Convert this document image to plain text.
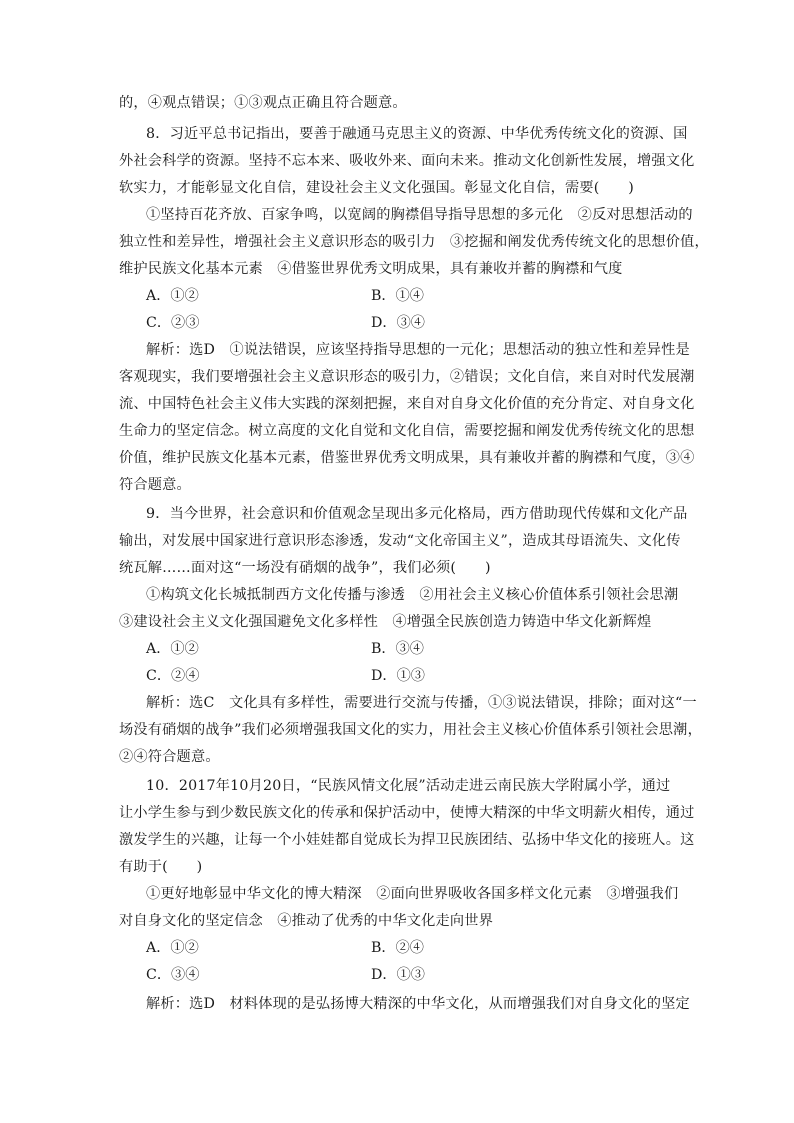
的，④观点错误；①③观点正确且符合题意。
8．习近平总书记指出，要善于融通马克思主义的资源、中华优秀传统文化的资源、国
外社会科学的资源。坚持不忘本来、吸收外来、面向未来。推动文化创新性发展，增强文化
软实力，才能彰显文化自信，建设社会主义文化强国。彰显文化自信，需要(　　)
①坚持百花齐放、百家争鸣，以宽阔的胸襟倡导指导思想的多元化　②反对思想活动的
独立性和差异性，增强社会主义意识形态的吸引力　③挖掘和阐发优秀传统文化的思想价值，
维护民族文化基本元素　④借鉴世界优秀文明成果，具有兼收并蓄的胸襟和气度
A．①②	B．①④
C．②③	D．③④
解析：选D　①说法错误，应该坚持指导思想的一元化；思想活动的独立性和差异性是
客观现实，我们要增强社会主义意识形态的吸引力，②错误；文化自信，来自对时代发展潮
流、中国特色社会主义伟大实践的深刻把握，来自对自身文化价值的充分肯定、对自身文化
生命力的坚定信念。树立高度的文化自觉和文化自信，需要挖掘和阐发优秀传统文化的思想
价值，维护民族文化基本元素，借鉴世界优秀文明成果，具有兼收并蓄的胸襟和气度，③④
符合题意。
9．当今世界，社会意识和价值观念呈现出多元化格局，西方借助现代传媒和文化产品
输出，对发展中国家进行意识形态渗透，发动“文化帝国主义”，造成其母语流失、文化传
统瓦解……面对这“一场没有硝烟的战争”，我们必须(　　)
①构筑文化长城抵制西方文化传播与渗透　②用社会主义核心价值体系引领社会思潮
③建设社会主义文化强国避免文化多样性　④增强全民族创造力铸造中华文化新辉煌
A．①②	B．③④
C．②④	D．①③
解析：选C　文化具有多样性，需要进行交流与传播，①③说法错误，排除；面对这“一
场没有硝烟的战争”我们必须增强我国文化的实力，用社会主义核心价值体系引领社会思潮，
②④符合题意。
10．2017年10月20日，“民族风情文化展”活动走进云南民族大学附属小学，通过
让小学生参与到少数民族文化的传承和保护活动中，使博大精深的中华文明薪火相传，通过
激发学生的兴趣，让每一个小娃娃都自觉成长为捍卫民族团结、弘扬中华文化的接班人。这
有助于(　　)
①更好地彰显中华文化的博大精深　②面向世界吸收各国多样文化元素　③增强我们
对自身文化的坚定信念　④推动了优秀的中华文化走向世界
A．①②	B．②④
C．③④	D．①③
解析：选D　材料体现的是弘扬博大精深的中华文化，从而增强我们对自身文化的坚定
